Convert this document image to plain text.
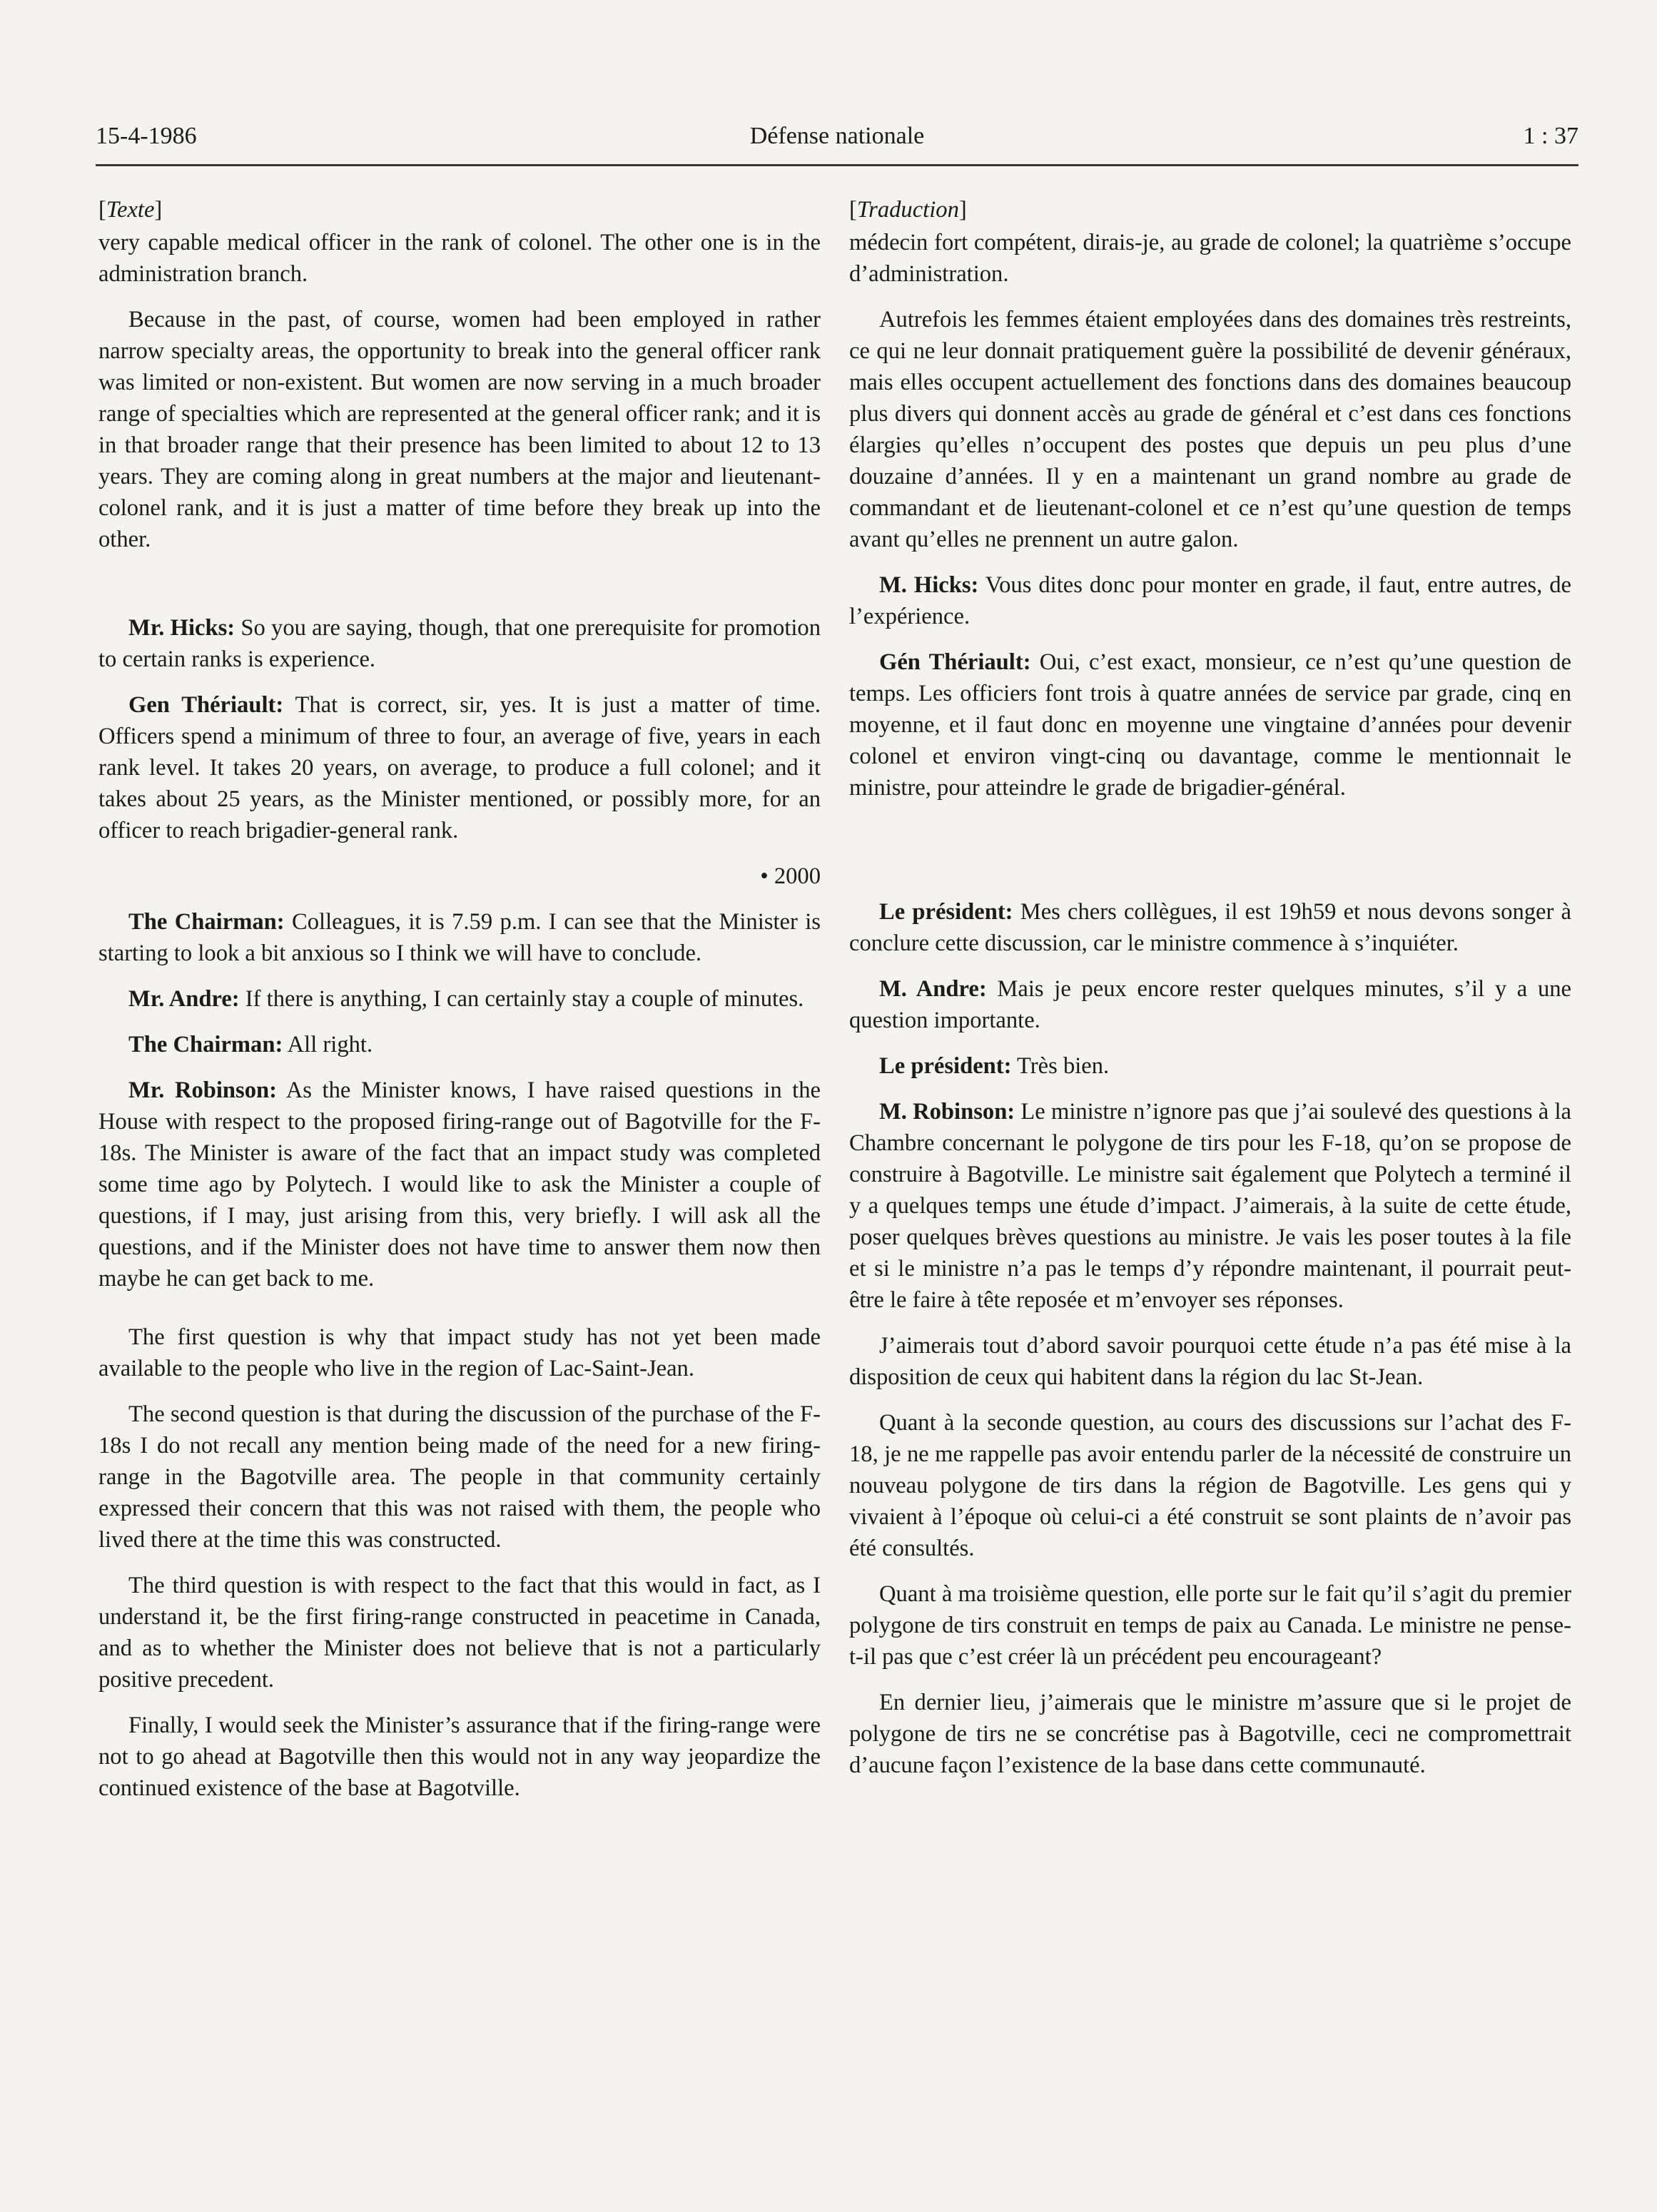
15-4-1986	Défense nationale	1 : 37
[Texte]

very capable medical officer in the rank of colonel. The other one is in the administration branch.

Because in the past, of course, women had been employed in rather narrow specialty areas, the opportunity to break into the general officer rank was limited or non-existent. But women are now serving in a much broader range of specialties which are represented at the general officer rank; and it is in that broader range that their presence has been limited to about 12 to 13 years. They are coming along in great numbers at the major and lieutenant-colonel rank, and it is just a matter of time before they break up into the other.

Mr. Hicks: So you are saying, though, that one prerequisite for promotion to certain ranks is experience.

Gen Thériault: That is correct, sir, yes. It is just a matter of time. Officers spend a minimum of three to four, an average of five, years in each rank level. It takes 20 years, on average, to produce a full colonel; and it takes about 25 years, as the Minister mentioned, or possibly more, for an officer to reach brigadier-general rank.

• 2000

The Chairman: Colleagues, it is 7.59 p.m. I can see that the Minister is starting to look a bit anxious so I think we will have to conclude.

Mr. Andre: If there is anything, I can certainly stay a couple of minutes.

The Chairman: All right.

Mr. Robinson: As the Minister knows, I have raised questions in the House with respect to the proposed firing-range out of Bagotville for the F-18s. The Minister is aware of the fact that an impact study was completed some time ago by Polytech. I would like to ask the Minister a couple of questions, if I may, just arising from this, very briefly. I will ask all the questions, and if the Minister does not have time to answer them now then maybe he can get back to me.

The first question is why that impact study has not yet been made available to the people who live in the region of Lac-Saint-Jean.

The second question is that during the discussion of the purchase of the F-18s I do not recall any mention being made of the need for a new firing-range in the Bagotville area. The people in that community certainly expressed their concern that this was not raised with them, the people who lived there at the time this was constructed.

The third question is with respect to the fact that this would in fact, as I understand it, be the first firing-range constructed in peacetime in Canada, and as to whether the Minister does not believe that is not a particularly positive precedent.

Finally, I would seek the Minister’s assurance that if the firing-range were not to go ahead at Bagotville then this would not in any way jeopardize the continued existence of the base at Bagotville.

[Traduction]

médecin fort compétent, dirais-je, au grade de colonel; la quatrième s’occupe d’administration.

Autrefois les femmes étaient employées dans des domaines très restreints, ce qui ne leur donnait pratiquement guère la possibilité de devenir généraux, mais elles occupent actuellement des fonctions dans des domaines beaucoup plus divers qui donnent accès au grade de général et c’est dans ces fonctions élargies qu’elles n’occupent des postes que depuis un peu plus d’une douzaine d’années. Il y en a maintenant un grand nombre au grade de commandant et de lieutenant-colonel et ce n’est qu’une question de temps avant qu’elles ne prennent un autre galon.

M. Hicks: Vous dites donc pour monter en grade, il faut, entre autres, de l’expérience.

Gén Thériault: Oui, c’est exact, monsieur, ce n’est qu’une question de temps. Les officiers font trois à quatre années de service par grade, cinq en moyenne, et il faut donc en moyenne une vingtaine d’années pour devenir colonel et environ vingt-cinq ou davantage, comme le mentionnait le ministre, pour atteindre le grade de brigadier-général.

Le président: Mes chers collègues, il est 19h59 et nous devons songer à conclure cette discussion, car le ministre commence à s’inquiéter.

M. Andre: Mais je peux encore rester quelques minutes, s’il y a une question importante.

Le président: Très bien.

M. Robinson: Le ministre n’ignore pas que j’ai soulevé des questions à la Chambre concernant le polygone de tirs pour les F-18, qu’on se propose de construire à Bagotville. Le ministre sait également que Polytech a terminé il y a quelques temps une étude d’impact. J’aimerais, à la suite de cette étude, poser quelques brèves questions au ministre. Je vais les poser toutes à la file et si le ministre n’a pas le temps d’y répondre maintenant, il pourrait peut-être le faire à tête reposée et m’envoyer ses réponses.

J’aimerais tout d’abord savoir pourquoi cette étude n’a pas été mise à la disposition de ceux qui habitent dans la région du lac St-Jean.

Quant à la seconde question, au cours des discussions sur l’achat des F-18, je ne me rappelle pas avoir entendu parler de la nécessité de construire un nouveau polygone de tirs dans la région de Bagotville. Les gens qui y vivaient à l’époque où celui-ci a été construit se sont plaints de n’avoir pas été consultés.

Quant à ma troisième question, elle porte sur le fait qu’il s’agit du premier polygone de tirs construit en temps de paix au Canada. Le ministre ne pense-t-il pas que c’est créer là un précédent peu encourageant?

En dernier lieu, j’aimerais que le ministre m’assure que si le projet de polygone de tirs ne se concrétise pas à Bagotville, ceci ne compromettrait d’aucune façon l’existence de la base dans cette communauté.
